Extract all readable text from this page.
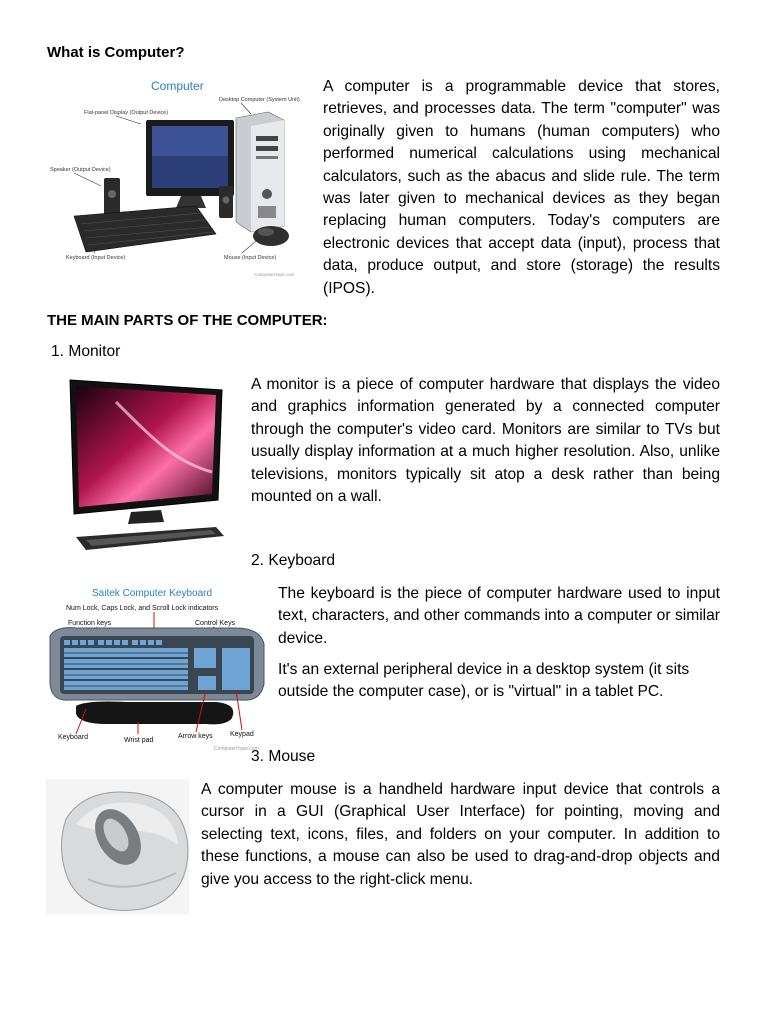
What is Computer?
Computer
Desktop Computer (System Unit)
Flat-panel Display (Output Device)
Speaker (Output Device)
Keyboard (Input Device)	Mouse (Input Device)
ComputerHope.com

A computer is a programmable device that stores, retrieves, and processes data. The term "computer" was originally given to humans (human computers) who performed numerical calculations using mechanical calculators, such as the abacus and slide rule. The term was later given to mechanical devices as they began replacing human computers. Today's computers are electronic devices that accept data (input), process that data, produce output, and store (storage) the results (IPOS).

THE MAIN PARTS OF THE COMPUTER:
1. Monitor

A monitor is a piece of computer hardware that displays the video and graphics information generated by a connected computer through the computer's video card. Monitors are similar to TVs but usually display information at a much higher resolution. Also, unlike televisions, monitors typically sit atop a desk rather than being mounted on a wall.

2. Keyboard
Saitek Computer Keyboard
Num Lock, Caps Lock, and Scroll Lock indicators
Function keys	Control Keys
Keyboard	Wrist pad
Arrow keys Keypad
ComputerHope.com

The keyboard is the piece of computer hardware used to input text, characters, and other commands into a computer or similar device.

It's an external peripheral device in a desktop system (it sits outside the computer case), or is "virtual" in a tablet PC.

3. Mouse

A computer mouse is a handheld hardware input device that controls a cursor in a GUI (Graphical User Interface) for pointing, moving and selecting text, icons, files, and folders on your computer. In addition to these functions, a mouse can also be used to drag-and-drop objects and give you access to the right-click menu.
